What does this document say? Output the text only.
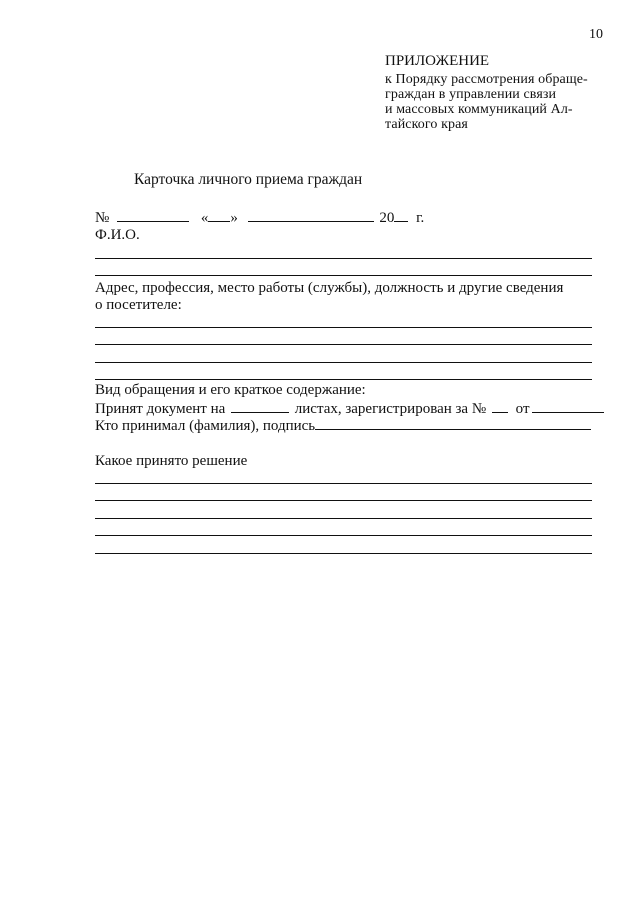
10
ПРИЛОЖЕНИЕ
к Порядку рассмотрения обраще-
граждан в управлении связи
и массовых коммуникаций Ал-
тайского края
Карточка личного приема граждан
№	« »	20 г.
Ф.И.О.
Адрес, профессия, место работы (службы), должность и другие сведения
о посетителе:
Вид обращения и его краткое содержание:
Принят документ на	листах, зарегистрирован за № от
Кто принимал (фамилия), подпись
Какое принято решение
